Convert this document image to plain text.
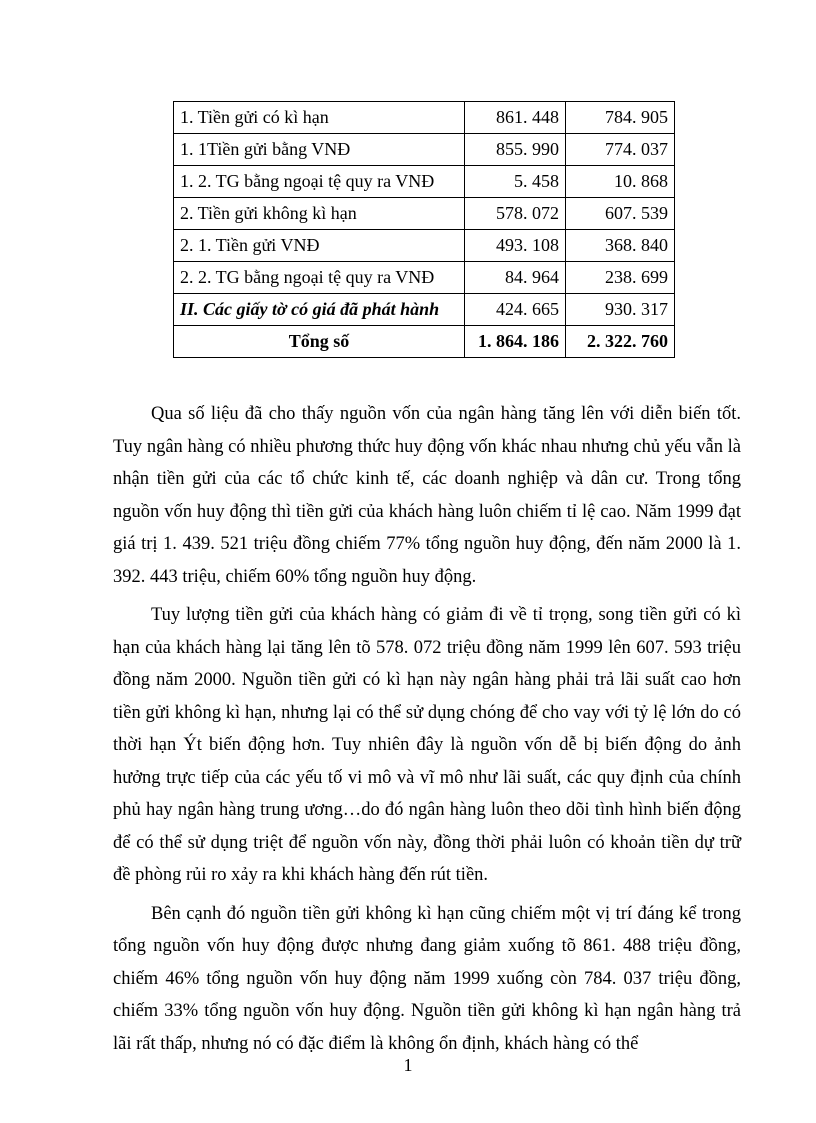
1. Tiền gửi có kì hạn	861. 448	784. 905
1. 1Tiền gửi bằng VNĐ	855. 990	774. 037
1. 2. TG bằng ngoại tệ quy ra VNĐ	5. 458	10. 868
2. Tiền gửi không kì hạn	578. 072	607. 539
2. 1. Tiền gửi VNĐ	493. 108	368. 840
2. 2. TG bằng ngoại tệ quy ra VNĐ	84. 964	238. 699
II. Các giấy tờ có giá đã phát hành	424. 665	930. 317
Tổng số	1. 864. 186	2. 322. 760

Qua số liệu đã cho thấy nguồn vốn của ngân hàng tăng lên với diễn biến tốt. Tuy ngân hàng có nhiều phương thức huy động vốn khác nhau nhưng chủ yếu vẫn là nhận tiền gửi của các tổ chức kinh tế, các doanh nghiệp và dân cư. Trong tổng nguồn vốn huy động thì tiền gửi của khách hàng luôn chiếm tỉ lệ cao. Năm 1999 đạt giá trị 1. 439. 521 triệu đồng chiếm 77% tổng nguồn huy động, đến năm 2000 là 1. 392. 443 triệu, chiếm 60% tổng nguồn huy động.

Tuy lượng tiền gửi của khách hàng có giảm đi về tỉ trọng, song tiền gửi có kì hạn của khách hàng lại tăng lên tõ 578. 072 triệu đồng năm 1999 lên 607. 593 triệu đồng năm 2000. Nguồn tiền gửi có kì hạn này ngân hàng phải trả lãi suất cao hơn tiền gửi không kì hạn, nhưng lại có thể sử dụng chóng để cho vay với tỷ lệ lớn do có thời hạn Ýt biến động hơn. Tuy nhiên đây là nguồn vốn dễ bị biến động do ảnh hưởng trực tiếp của các yếu tố vi mô và vĩ mô như lãi suất, các quy định của chính phủ hay ngân hàng trung ương…do đó ngân hàng luôn theo dõi tình hình biến động để có thể sử dụng triệt để nguồn vốn này, đồng thời phải luôn có khoản tiền dự trữ đề phòng rủi ro xảy ra khi khách hàng đến rút tiền.

Bên cạnh đó nguồn tiền gửi không kì hạn cũng chiếm một vị trí đáng kể trong tổng nguồn vốn huy động được nhưng đang giảm xuống tõ 861. 488 triệu đồng, chiếm 46% tổng nguồn vốn huy động năm 1999 xuống còn 784. 037 triệu đồng, chiếm 33% tổng nguồn vốn huy động. Nguồn tiền gửi không kì hạn ngân hàng trả lãi rất thấp, nhưng nó có đặc điểm là không ổn định, khách hàng có thể

1
